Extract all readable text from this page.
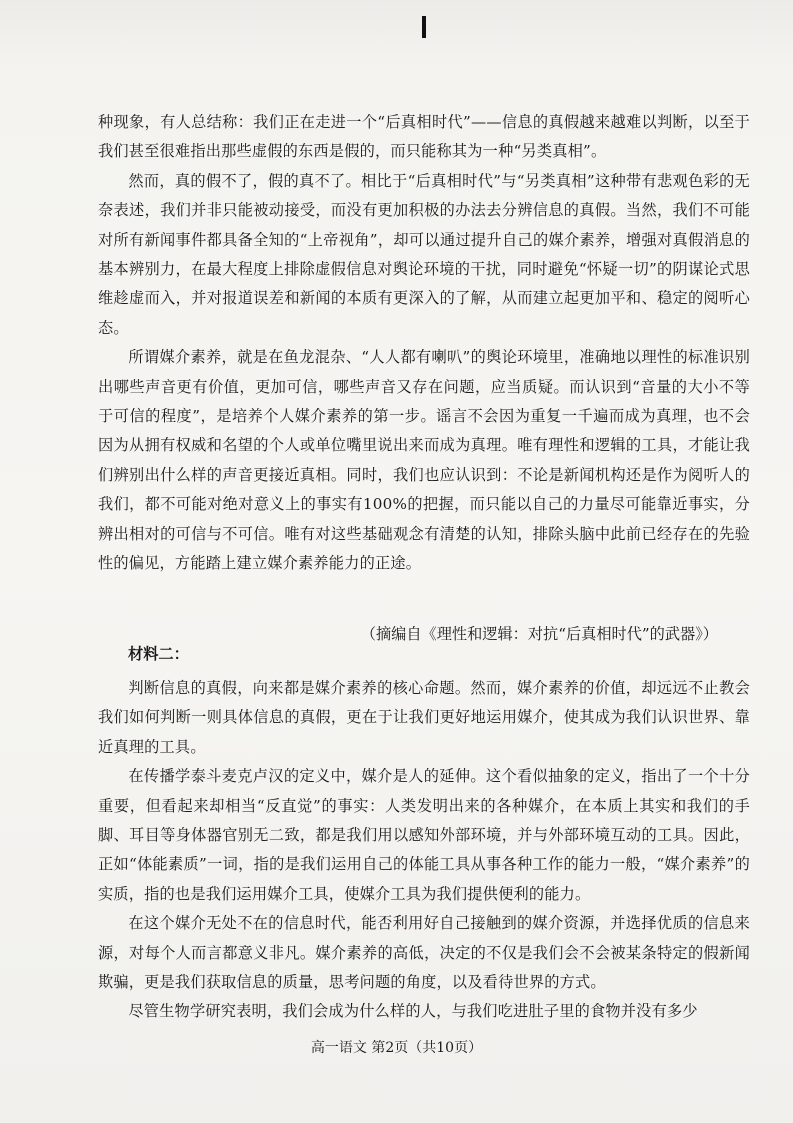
种现象，有人总结称：我们正在走进一个“后真相时代”——信息的真假越来越难以判断，以至于我们甚至很难指出那些虚假的东西是假的，而只能称其为一种“另类真相”。

然而，真的假不了，假的真不了。相比于“后真相时代”与“另类真相”这种带有悲观色彩的无奈表述，我们并非只能被动接受，而没有更加积极的办法去分辨信息的真假。当然，我们不可能对所有新闻事件都具备全知的“上帝视角”，却可以通过提升自己的媒介素养，增强对真假消息的基本辨别力，在最大程度上排除虚假信息对舆论环境的干扰，同时避免“怀疑一切”的阴谋论式思维趁虚而入，并对报道误差和新闻的本质有更深入的了解，从而建立起更加平和、稳定的阅听心态。

所谓媒介素养，就是在鱼龙混杂、“人人都有喇叭”的舆论环境里，准确地以理性的标准识别出哪些声音更有价值，更加可信，哪些声音又存在问题，应当质疑。而认识到“音量的大小不等于可信的程度”，是培养个人媒介素养的第一步。谣言不会因为重复一千遍而成为真理，也不会因为从拥有权威和名望的个人或单位嘴里说出来而成为真理。唯有理性和逻辑的工具，才能让我们辨别出什么样的声音更接近真相。同时，我们也应认识到：不论是新闻机构还是作为阅听人的我们，都不可能对绝对意义上的事实有100%的把握，而只能以自己的力量尽可能靠近事实，分辨出相对的可信与不可信。唯有对这些基础观念有清楚的认知，排除头脑中此前已经存在的先验性的偏见，方能踏上建立媒介素养能力的正途。

（摘编自《理性和逻辑：对抗“后真相时代”的武器》）
材料二：

判断信息的真假，向来都是媒介素养的核心命题。然而，媒介素养的价值，却远远不止教会我们如何判断一则具体信息的真假，更在于让我们更好地运用媒介，使其成为我们认识世界、靠近真理的工具。

在传播学泰斗麦克卢汉的定义中，媒介是人的延伸。这个看似抽象的定义，指出了一个十分重要，但看起来却相当“反直觉”的事实：人类发明出来的各种媒介，在本质上其实和我们的手脚、耳目等身体器官别无二致，都是我们用以感知外部环境，并与外部环境互动的工具。因此，正如“体能素质”一词，指的是我们运用自己的体能工具从事各种工作的能力一般，“媒介素养”的实质，指的也是我们运用媒介工具，使媒介工具为我们提供便利的能力。

在这个媒介无处不在的信息时代，能否利用好自己接触到的媒介资源，并选择优质的信息来源，对每个人而言都意义非凡。媒介素养的高低，决定的不仅是我们会不会被某条特定的假新闻欺骗，更是我们获取信息的质量，思考问题的角度，以及看待世界的方式。

尽管生物学研究表明，我们会成为什么样的人，与我们吃进肚子里的食物并没有多少

高一语文 第2页（共10页）
